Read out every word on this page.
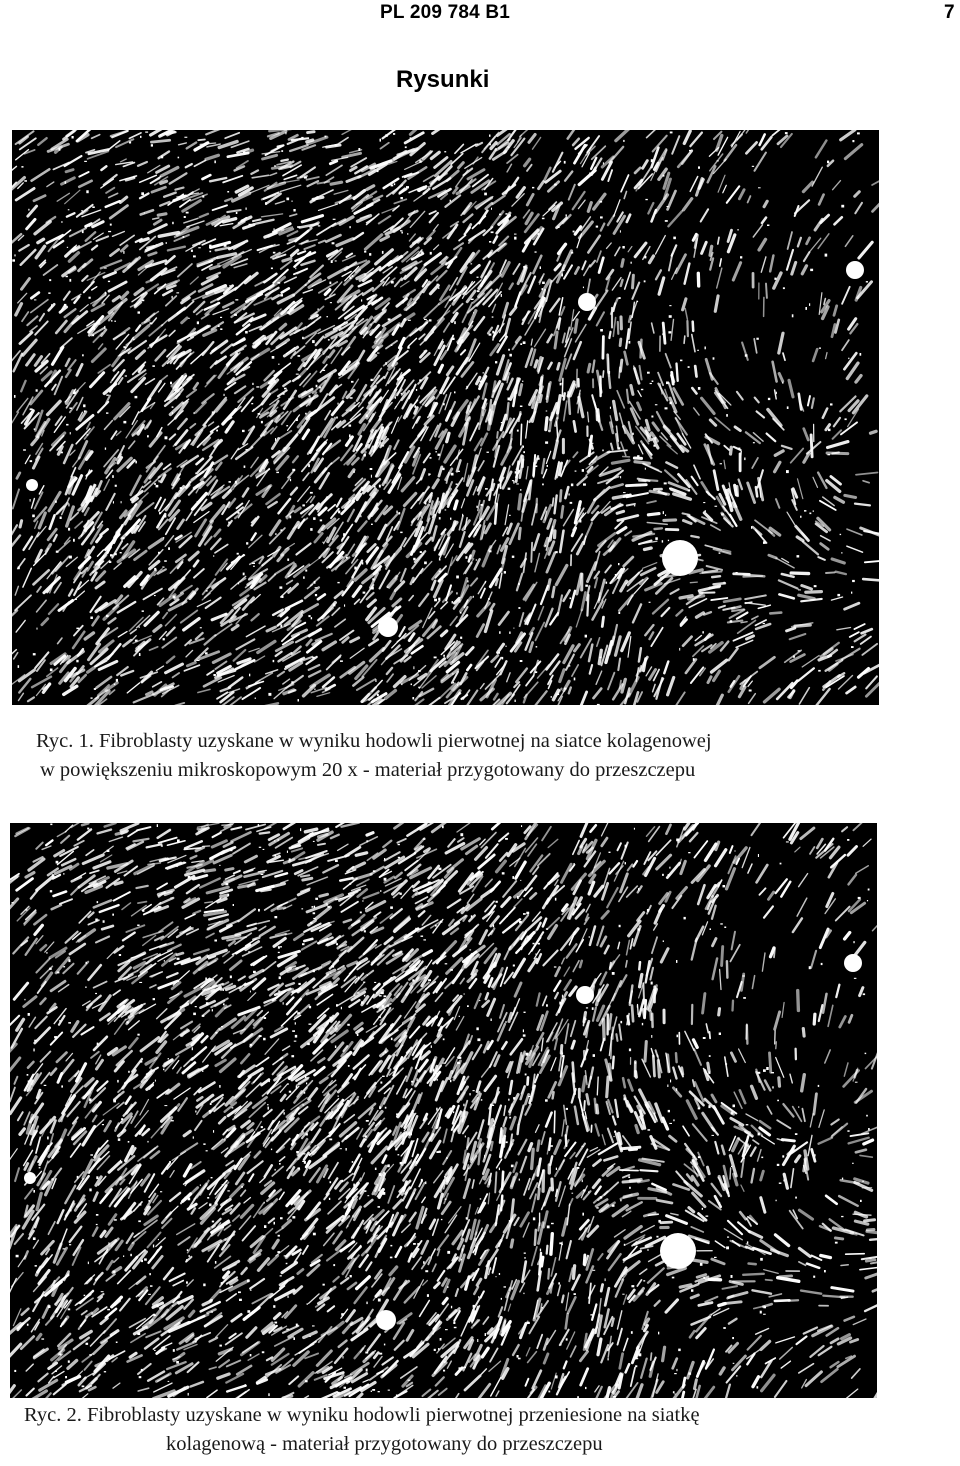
PL 209 784 B1	7
Rysunki
Ryc. 1. Fibroblasty uzyskane w wyniku hodowli pierwotnej na siatce kolagenowej
w powiększeniu mikroskopowym 20 x - materiał przygotowany do przeszczepu
Ryc. 2. Fibroblasty uzyskane w wyniku hodowli pierwotnej przeniesione na siatkę
kolagenową - materiał przygotowany do przeszczepu
